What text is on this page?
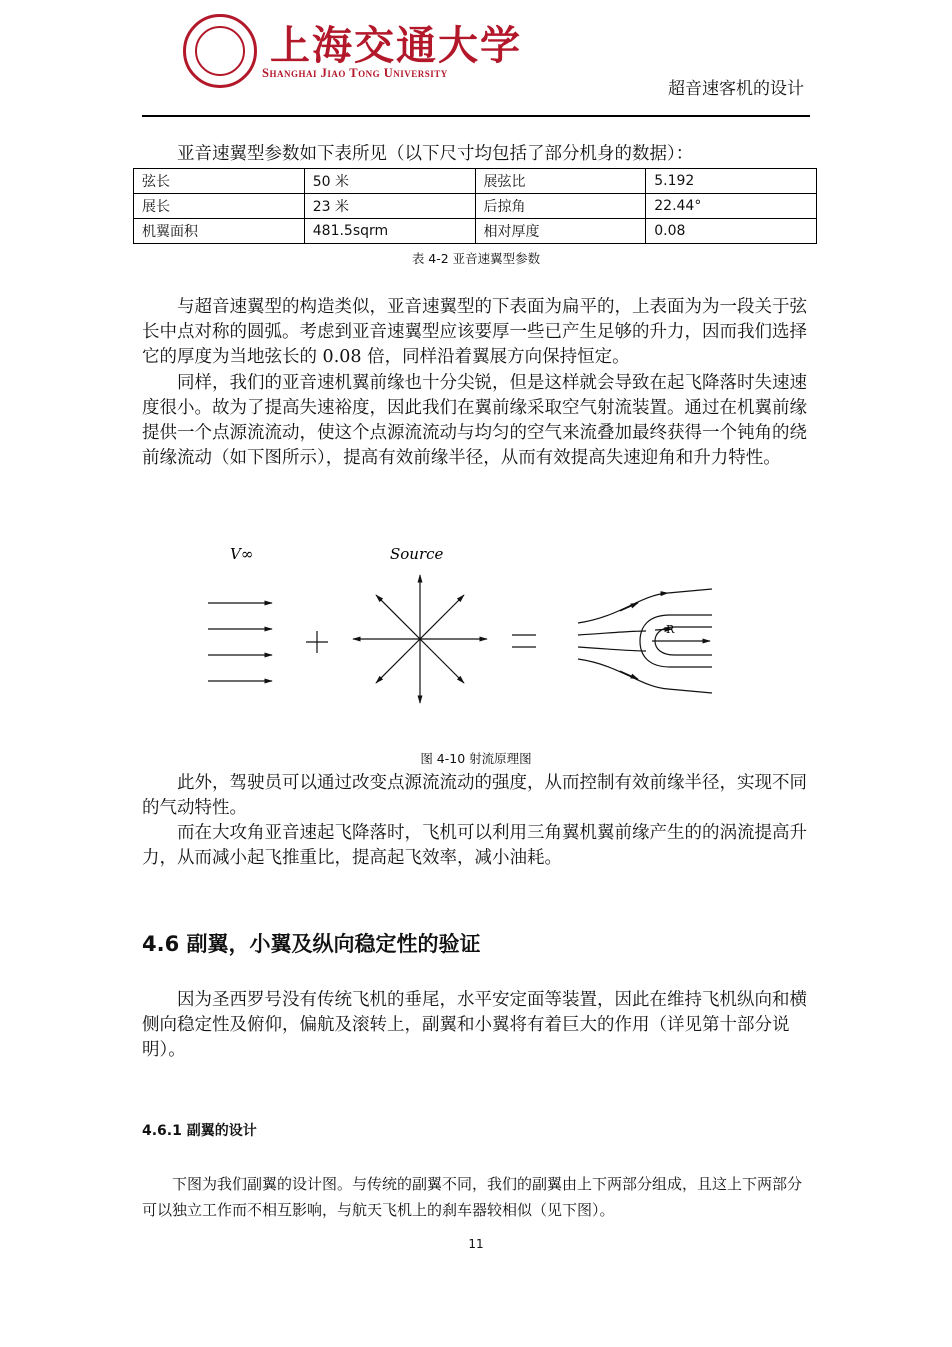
上海交通大学
Shanghai Jiao Tong University
超音速客机的设计
亚音速翼型参数如下表所见（以下尺寸均包括了部分机身的数据）：
弦长	50 米	展弦比	5.192
展长	23 米	后掠角	22.44°
机翼面积	481.5sqrm	相对厚度	0.08
表 4-2 亚音速翼型参数
与超音速翼型的构造类似，亚音速翼型的下表面为扁平的，上表面为为一段关于弦长中点对称的圆弧。考虑到亚音速翼型应该要厚一些已产生足够的升力，因而我们选择它的厚度为当地弦长的 0.08 倍，同样沿着翼展方向保持恒定。
同样，我们的亚音速机翼前缘也十分尖锐，但是这样就会导致在起飞降落时失速速度很小。故为了提高失速裕度，因此我们在翼前缘采取空气射流装置。通过在机翼前缘提供一个点源流流动，使这个点源流流动与均匀的空气来流叠加最终获得一个钝角的绕前缘流动（如下图所示），提高有效前缘半径，从而有效提高失速迎角和升力特性。
V∞	Source
R
图 4-10 射流原理图
此外，驾驶员可以通过改变点源流流动的强度，从而控制有效前缘半径，实现不同的气动特性。
而在大攻角亚音速起飞降落时，飞机可以利用三角翼机翼前缘产生的的涡流提高升力，从而减小起飞推重比，提高起飞效率，减小油耗。
4.6 副翼，小翼及纵向稳定性的验证
因为圣西罗号没有传统飞机的垂尾，水平安定面等装置，因此在维持飞机纵向和横侧向稳定性及俯仰，偏航及滚转上，副翼和小翼将有着巨大的作用（详见第十部分说明）。
4.6.1 副翼的设计
下图为我们副翼的设计图。与传统的副翼不同，我们的副翼由上下两部分组成，且这上下两部分可以独立工作而不相互影响，与航天飞机上的刹车器较相似（见下图）。
11
